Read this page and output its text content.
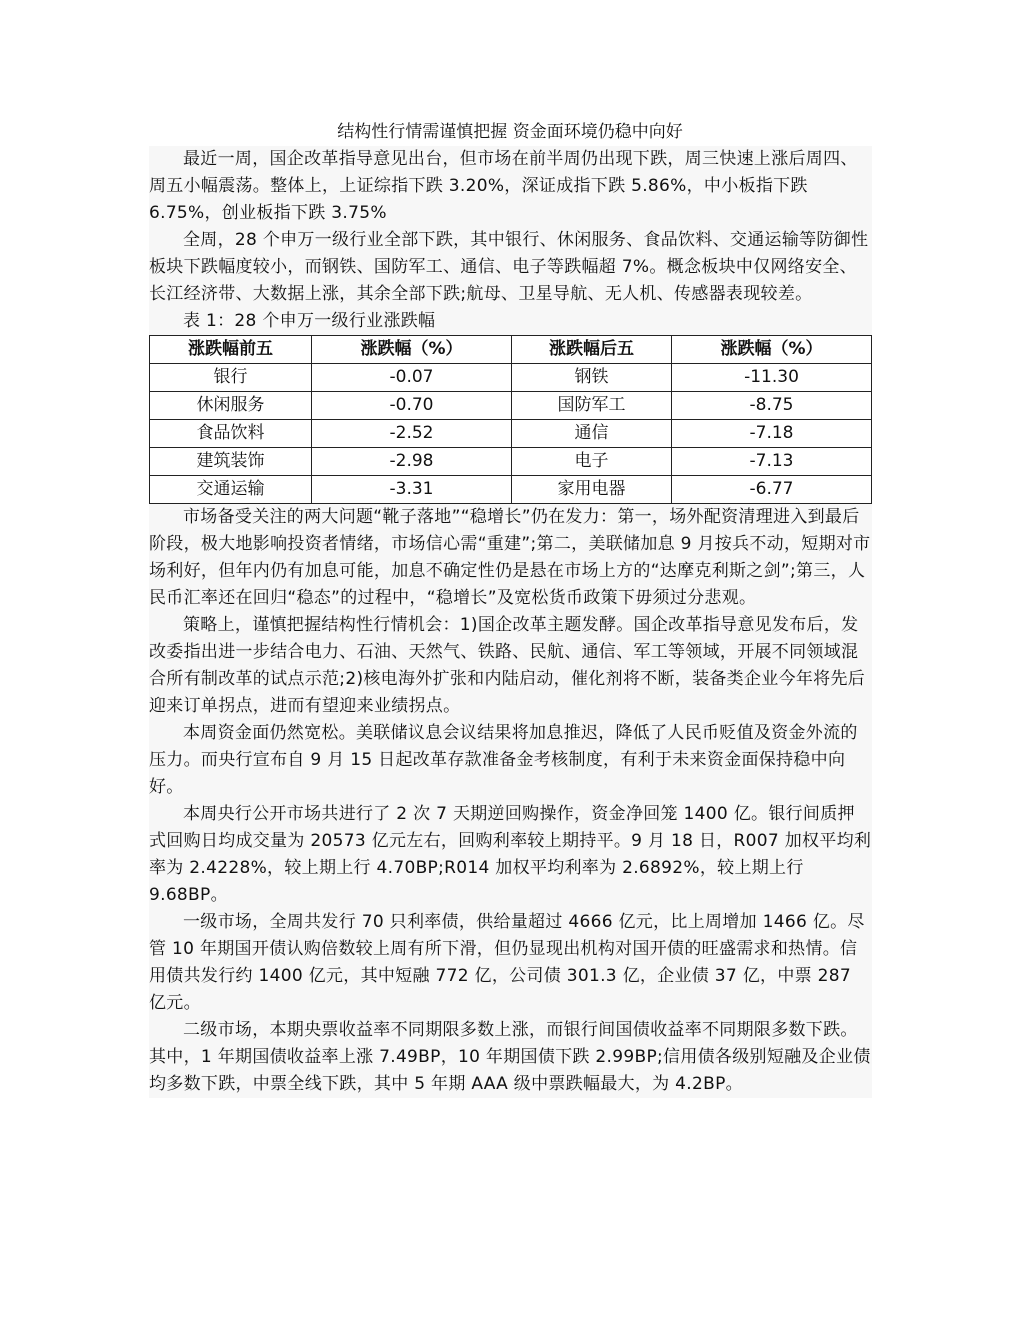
结构性行情需谨慎把握 资金面环境仍稳中向好

最近一周，国企改革指导意见出台，但市场在前半周仍出现下跌，周三快速上涨后周四、周五小幅震荡。整体上，上证综指下跌 3.20%，深证成指下跌 5.86%，中小板指下跌 6.75%，创业板指下跌 3.75%

全周，28 个申万一级行业全部下跌，其中银行、休闲服务、食品饮料、交通运输等防御性板块下跌幅度较小，而钢铁、国防军工、通信、电子等跌幅超 7%。概念板块中仅网络安全、长江经济带、大数据上涨，其余全部下跌;航母、卫星导航、无人机、传感器表现较差。

表 1：28 个申万一级行业涨跌幅

涨跌幅前五	涨跌幅（%）	涨跌幅后五	涨跌幅（%）
银行	-0.07	钢铁	-11.30
休闲服务	-0.70	国防军工	-8.75
食品饮料	-2.52	通信	-7.18
建筑装饰	-2.98	电子	-7.13
交通运输	-3.31	家用电器	-6.77

市场备受关注的两大问题“靴子落地”“稳增长”仍在发力：第一，场外配资清理进入到最后阶段，极大地影响投资者情绪，市场信心需“重建”;第二，美联储加息 9 月按兵不动，短期对市场利好，但年内仍有加息可能，加息不确定性仍是悬在市场上方的“达摩克利斯之剑”;第三，人民币汇率还在回归“稳态”的过程中，“稳增长”及宽松货币政策下毋须过分悲观。

策略上，谨慎把握结构性行情机会：1)国企改革主题发酵。国企改革指导意见发布后，发改委指出进一步结合电力、石油、天然气、铁路、民航、通信、军工等领域，开展不同领域混合所有制改革的试点示范;2)核电海外扩张和内陆启动，催化剂将不断，装备类企业今年将先后迎来订单拐点，进而有望迎来业绩拐点。

本周资金面仍然宽松。美联储议息会议结果将加息推迟，降低了人民币贬值及资金外流的压力。而央行宣布自 9 月 15 日起改革存款准备金考核制度，有利于未来资金面保持稳中向好。

本周央行公开市场共进行了 2 次 7 天期逆回购操作，资金净回笼 1400 亿。银行间质押式回购日均成交量为 20573 亿元左右，回购利率较上期持平。9 月 18 日，R007 加权平均利率为 2.4228%，较上期上行 4.70BP;R014 加权平均利率为 2.6892%，较上期上行 9.68BP。

一级市场，全周共发行 70 只利率债，供给量超过 4666 亿元，比上周增加 1466 亿。尽管 10 年期国开债认购倍数较上周有所下滑，但仍显现出机构对国开债的旺盛需求和热情。信用债共发行约 1400 亿元，其中短融 772 亿，公司债 301.3 亿，企业债 37 亿，中票 287 亿元。

二级市场，本期央票收益率不同期限多数上涨，而银行间国债收益率不同期限多数下跌。其中，1 年期国债收益率上涨 7.49BP，10 年期国债下跌 2.99BP;信用债各级别短融及企业债均多数下跌，中票全线下跌，其中 5 年期 AAA 级中票跌幅最大，为 4.2BP。
